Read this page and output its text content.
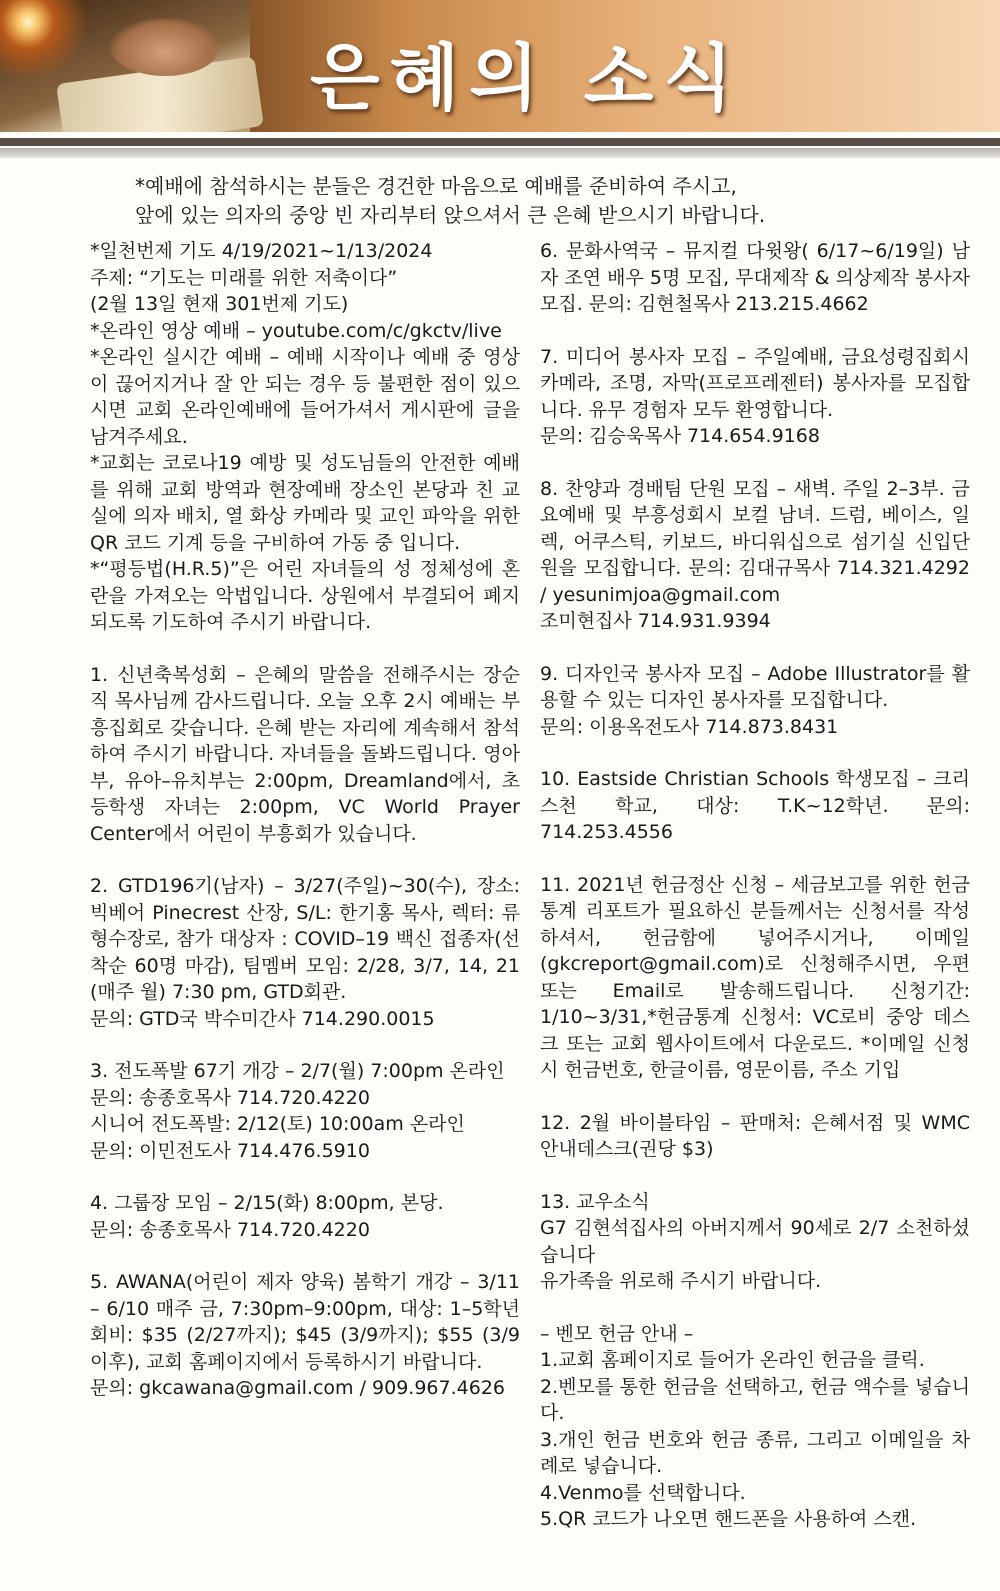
은혜의 소식
*예배에 참석하시는 분들은 경건한 마음으로 예배를 준비하여 주시고,
앞에 있는 의자의 중앙 빈 자리부터 앉으셔서 큰 은혜 받으시기 바랍니다.

*일천번제 기도 4/19/2021~1/13/2024

주제: “기도는 미래를 위한 저축이다”

(2월 13일 현재 301번제 기도)

*온라인 영상 예배 – youtube.com/c/gkctv/live

*온라인 실시간 예배 – 예배 시작이나 예배 중 영상이 끊어지거나 잘 안 되는 경우 등 불편한 점이 있으시면 교회 온라인예배에 들어가셔서 게시판에 글을 남겨주세요.

*교회는 코로나19 예방 및 성도님들의 안전한 예배를 위해 교회 방역과 현장예배 장소인 본당과 친 교실에 의자 배치, 열 화상 카메라 및 교인 파악을 위한 QR 코드 기계 등을 구비하여 가동 중 입니다.

*“평등법(H.R.5)”은 어린 자녀들의 성 정체성에 혼란을 가져오는 악법입니다. 상원에서 부결되어 폐지되도록 기도하여 주시기 바랍니다.

1. 신년축복성회 – 은혜의 말씀을 전해주시는 장순직 목사님께 감사드립니다. 오늘 오후 2시 예배는 부흥집회로 갖습니다. 은혜 받는 자리에 계속해서 참석하여 주시기 바랍니다. 자녀들을 돌봐드립니다. 영아부, 유아–유치부는 2:00pm, Dreamland에서, 초등학생 자녀는 2:00pm, VC World Prayer Center에서 어린이 부흥회가 있습니다.

2. GTD196기(남자) – 3/27(주일)~30(수), 장소: 빅베어 Pinecrest 산장, S/L: 한기홍 목사, 렉터: 류형수장로, 참가 대상자 : COVID–19 백신 접종자(선착순 60명 마감), 팀멤버 모임: 2/28, 3/7, 14, 21 (매주 월) 7:30 pm, GTD회관.

문의: GTD국 박수미간사 714.290.0015

3. 전도폭발 67기 개강 – 2/7(월) 7:00pm 온라인

문의: 송종호목사 714.720.4220

시니어 전도폭발: 2/12(토) 10:00am 온라인

문의: 이민전도사 714.476.5910

4. 그룹장 모임 – 2/15(화) 8:00pm, 본당.

문의: 송종호목사 714.720.4220

5. AWANA(어린이 제자 양육) 봄학기 개강 – 3/11 – 6/10 매주 금, 7:30pm–9:00pm, 대상: 1–5학년 회비: $35 (2/27까지); $45 (3/9까지); $55 (3/9 이후), 교회 홈페이지에서 등록하시기 바랍니다.

문의: gkcawana@gmail.com / 909.967.4626

6. 문화사역국 – 뮤지컬 다윗왕( 6/17~6/19일) 남자 조연 배우 5명 모집, 무대제작 & 의상제작 봉사자 모집. 문의: 김현철목사 213.215.4662

7. 미디어 봉사자 모집 – 주일예배, 금요성령집회시 카메라, 조명, 자막(프로프레젠터) 봉사자를 모집합니다. 유무 경험자 모두 환영합니다.

문의: 김승욱목사 714.654.9168

8. 찬양과 경배팀 단원 모집 – 새벽. 주일 2–3부. 금요예배 및 부흥성회시 보컬 남녀. 드럼, 베이스, 일렉, 어쿠스틱, 키보드, 바디워십으로 섬기실 신입단원을 모집합니다. 문의: 김대규목사 714.321.4292 / yesunimjoa@gmail.com

조미현집사 714.931.9394

9. 디자인국 봉사자 모집 – Adobe Illustrator를 활용할 수 있는 디자인 봉사자를 모집합니다.

문의: 이용옥전도사 714.873.8431

10. Eastside Christian Schools 학생모집 – 크리스천 학교, 대상: T.K~12학년. 문의: 714.253.4556

11. 2021년 헌금정산 신청 – 세금보고를 위한 헌금통계 리포트가 필요하신 분들께서는 신청서를 작성하셔서, 헌금함에 넣어주시거나, 이메일(gkcreport@gmail.com)로 신청해주시면, 우편 또는 Email로 발송해드립니다. 신청기간: 1/10~3/31,*헌금통계 신청서: VC로비 중앙 데스크 또는 교회 웹사이트에서 다운로드. *이메일 신청시 헌금번호, 한글이름, 영문이름, 주소 기입

12. 2월 바이블타임 – 판매처: 은혜서점 및 WMC 안내데스크(권당 $3)

13. 교우소식

G7 김현석집사의 아버지께서 90세로 2/7 소천하셨습니다

유가족을 위로해 주시기 바랍니다.

– 벤모 헌금 안내 –

1.교회 홈페이지로 들어가 온라인 헌금을 클릭.

2.벤모를 통한 헌금을 선택하고, 헌금 액수를 넣습니다.

3.개인 헌금 번호와 헌금 종류, 그리고 이메일을 차례로 넣습니다.

4.Venmo를 선택합니다.

5.QR 코드가 나오면 핸드폰을 사용하여 스캔.
